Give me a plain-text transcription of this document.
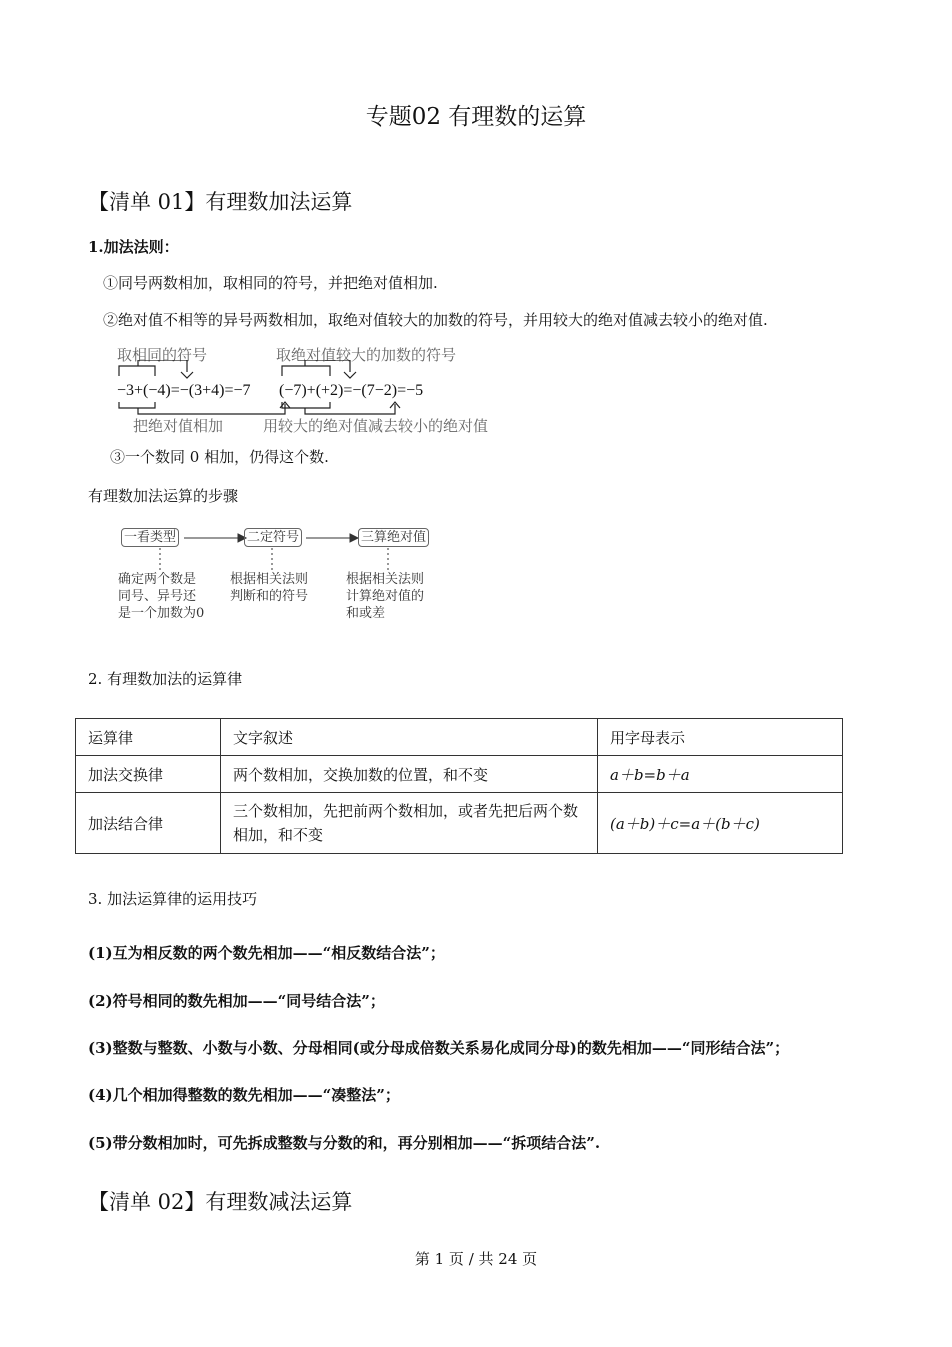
专题02 有理数的运算
【清单 01】有理数加法运算
1.加法法则：
①同号两数相加，取相同的符号，并把绝对值相加.
②绝对值不相等的异号两数相加，取绝对值较大的加数的符号，并用较大的绝对值减去较小的绝对值.
取相同的符号	取绝对值较大的加数的符号
−3+(−4)=−(3+4)=−7 (−7)+(+2)=−(7−2)=−5
把绝对值相加	用较大的绝对值减去较小的绝对值
③一个数同 0 相加，仍得这个数.
有理数加法运算的步骤
一看类型	二定符号	三算绝对值
确定两个数是
同号、异号还
是一个加数为0
根据相关法则
判断和的符号
根据相关法则
计算绝对值的
和或差
2. 有理数加法的运算律
运算律	文字叙述	用字母表示
加法交换律	两个数相加，交换加数的位置，和不变	a＋b=b＋a
加法结合律	三个数相加，先把前两个数相加，或者先把后两个数相加，和不变	(a＋b)＋c=a＋(b＋c)
3. 加法运算律的运用技巧
(1)互为相反数的两个数先相加——“相反数结合法”；
(2)符号相同的数先相加——“同号结合法”；
(3)整数与整数、小数与小数、分母相同(或分母成倍数关系易化成同分母)的数先相加——“同形结合法”；
(4)几个相加得整数的数先相加——“凑整法”；
(5)带分数相加时，可先拆成整数与分数的和，再分别相加——“拆项结合法”.
【清单 02】有理数减法运算
第 1 页 / 共 24 页
